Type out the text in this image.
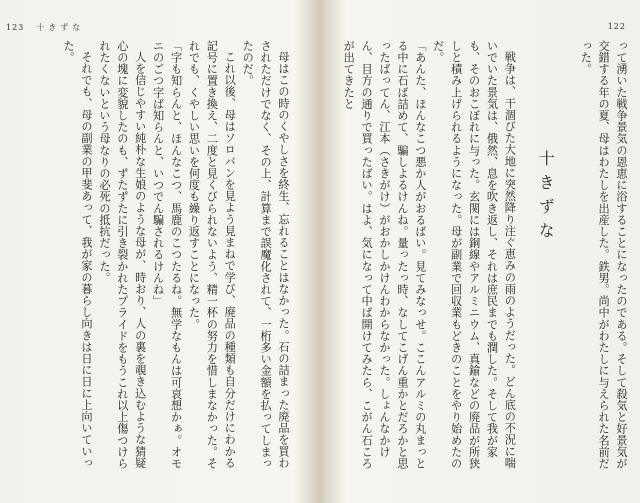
123 十きずな

母はこの時のくやしさを終生、忘れることはなかった。石の詰まった廃品を買わされただけでなく、その上、計算まで誤魔化されて、一桁多い金額を払ってしまったのだ。

これ以後、母はソロバンを見よう見まねで学び、廃品の種類も自分だけにわかる記号に置き換え、二度と見くびられないよう、精一杯の努力を惜しまなかった。それでも、くやしい思いを何度も繰り返すことになった。

「字も知らんと、ほんなこつ、馬鹿のこつたるね。無学なもんは可哀想かぁ。オモニのごつ字ば知らんと、いつでん騙されるけんね」

人を信じやすい純朴な生娘のような母が、時おり、人の裏を覗き込むような猜疑心の塊に変貌したのも、ずたずたに引き裂かれたプライドをもうこれ以上傷つけられたくないという母なりの必死の抵抗だった。

それでも、母の副業の甲斐あって、我が家の暮らし向きは日に日に上向いていった。

122

って湧いた戦争景気の恩恵に浴することになったのである。そして殺気と好景気が交錯する年の夏、母はわたしを出産した。鉄男。尚中がわたしに与えられた名前だった。

十きずな

戦争は、干涸びた大地に突然降り注ぐ恵みの雨のようだった。どん底の不況に喘いでいた景気は、俄然、息を吹き返し、それは庶民までも潤した。そして我が家も、そのおこぼれに与った。玄関には銅線やアルミニウム、真鍮などの廃品が所狭しと積み上げられるようになった。母が副業で回収業もどきのことをやり始めたのだ。

「あんた、ほんなこつ悪か人がおるばい。見てみなっせ。ここんアルミの丸まっとる中に石ば詰めて、騙しよるけんね。量ったっ時、なしてこげん重かとだろかと思ったばってん、江本（さきがけ）がおかしかけんわからなかった。しょんなかけん、目方の通りで買ったばい。はよ、気になって中ば開けてみたら、こがん石ころが出てきたと
